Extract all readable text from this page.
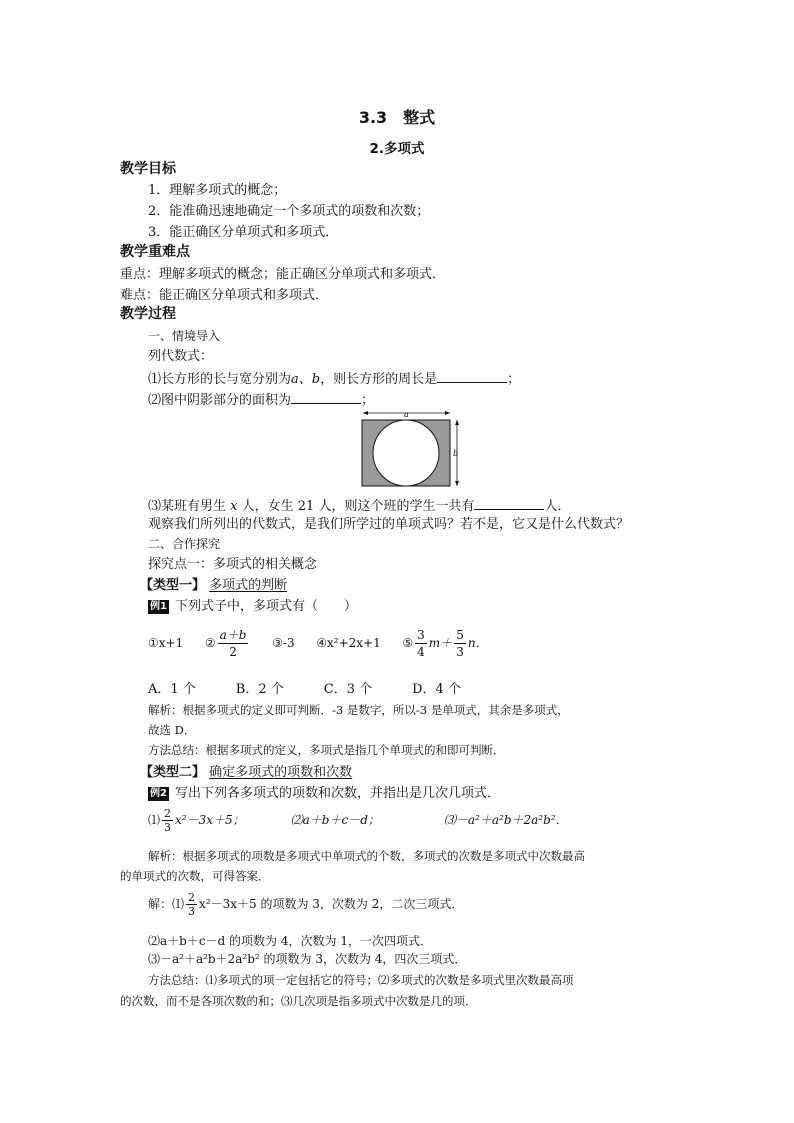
3.3　整式
2.多项式
教学目标
1．理解多项式的概念；
2．能准确迅速地确定一个多项式的项数和次数；
3．能正确区分单项式和多项式．
教学重难点
重点：理解多项式的概念；能正确区分单项式和多项式．
难点：能正确区分单项式和多项式．
教学过程
一、情境导入
列代数式：
⑴长方形的长与宽分别为a、b，则长方形的周长是	；
⑵图中阴影部分的面积为	；
a
b
⑶某班有男生 x 人，女生 21 人，则这个班的学生一共有	人．
观察我们所列出的代数式，是我们所学过的单项式吗？若不是，它又是什么代数式？
二、合作探究
探究点一：多项式的相关概念
【类型一】 多项式的判断
例1 下列式子中，多项式有（　　）
①x+1 ② $\frac{a+b}{2}$ ③-3 ④x²+2x+1 ⑤ $\frac{3}{4} m+ \frac{5}{3}$ n．
A．1 个	B．2 个	C．3 个	D．4 个
解析：根据多项式的定义即可判断．-3 是数字，所以-3 是单项式，其余是多项式，
故选 D．
方法总结：根据多项式的定义，多项式是指几个单项式的和即可判断．
【类型二】 确定多项式的项数和次数
例2 写出下列各多项式的项数和次数，并指出是几次几项式．
⑴ $\frac{2}{3} x^2-3x+5$；	⑵a＋b＋c－d；	⑶－a²＋a²b＋2a²b²．
解析：根据多项式的项数是多项式中单项式的个数，多项式的次数是多项式中次数最高
的单项式的次数，可得答案．
解：⑴ $\frac{2}{3} x^2-3x+5$ 的项数为 3，次数为 2，二次三项式．
⑵a＋b＋c－d 的项数为 4，次数为 1，一次四项式．
⑶－a²＋a²b＋2a²b² 的项数为 3，次数为 4，四次三项式．
方法总结：⑴多项式的项一定包括它的符号；⑵多项式的次数是多项式里次数最高项
的次数，而不是各项次数的和；⑶几次项是指多项式中次数是几的项．
